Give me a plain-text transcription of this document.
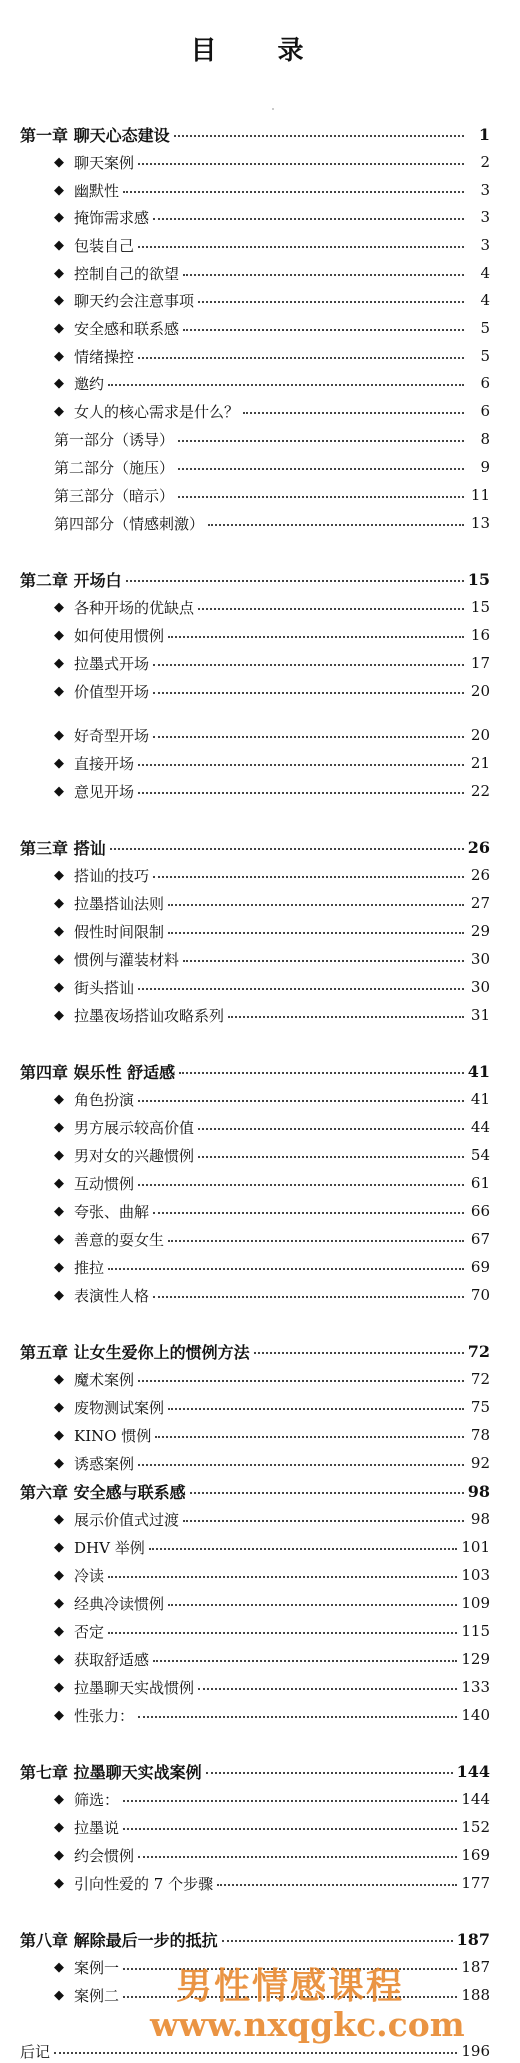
目 录
第一章 聊天心态建设	1
◆ 聊天案例	2
◆ 幽默性	3
◆ 掩饰需求感	3
◆ 包装自己	3
◆ 控制自己的欲望	4
◆ 聊天约会注意事项	4
◆ 安全感和联系感	5
◆ 情绪操控	5
◆ 邀约	6
◆ 女人的核心需求是什么？	6
第一部分（诱导）	8
第二部分（施压）	9
第三部分（暗示）	11
第四部分（情感刺激）	13
第二章 开场白	15
◆ 各种开场的优缺点	15
◆ 如何使用惯例	16
◆ 拉墨式开场	17
◆ 价值型开场	20
◆ 好奇型开场	20
◆ 直接开场	21
◆ 意见开场	22
第三章 搭讪	26
◆ 搭讪的技巧	26
◆ 拉墨搭讪法则	27
◆ 假性时间限制	29
◆ 惯例与灌装材料	30
◆ 街头搭讪	30
◆ 拉墨夜场搭讪攻略系列	31
第四章 娱乐性 舒适感	41
◆ 角色扮演	41
◆ 男方展示较高价值	44
◆ 男对女的兴趣惯例	54
◆ 互动惯例	61
◆ 夸张、曲解	66
◆ 善意的耍女生	67
◆ 推拉	69
◆ 表演性人格	70
第五章 让女生爱你上的惯例方法	72
◆ 魔术案例	72
◆ 废物测试案例	75
◆ KINO 惯例	78
◆ 诱惑案例	92
第六章 安全感与联系感	98
◆ 展示价值式过渡	98
◆ DHV 举例	101
◆ 冷读	103
◆ 经典冷读惯例	109
◆ 否定	115
◆ 获取舒适感	129
◆ 拉墨聊天实战惯例	133
◆ 性张力：	140
第七章 拉墨聊天实战案例	144
◆ 筛选：	144
◆ 拉墨说	152
◆ 约会惯例	169
◆ 引向性爱的 7 个步骤	177
第八章 解除最后一步的抵抗	187
◆ 案例一	187
◆ 案例二	188
后记	196
男性情感课程
www.nxqgkc.com
